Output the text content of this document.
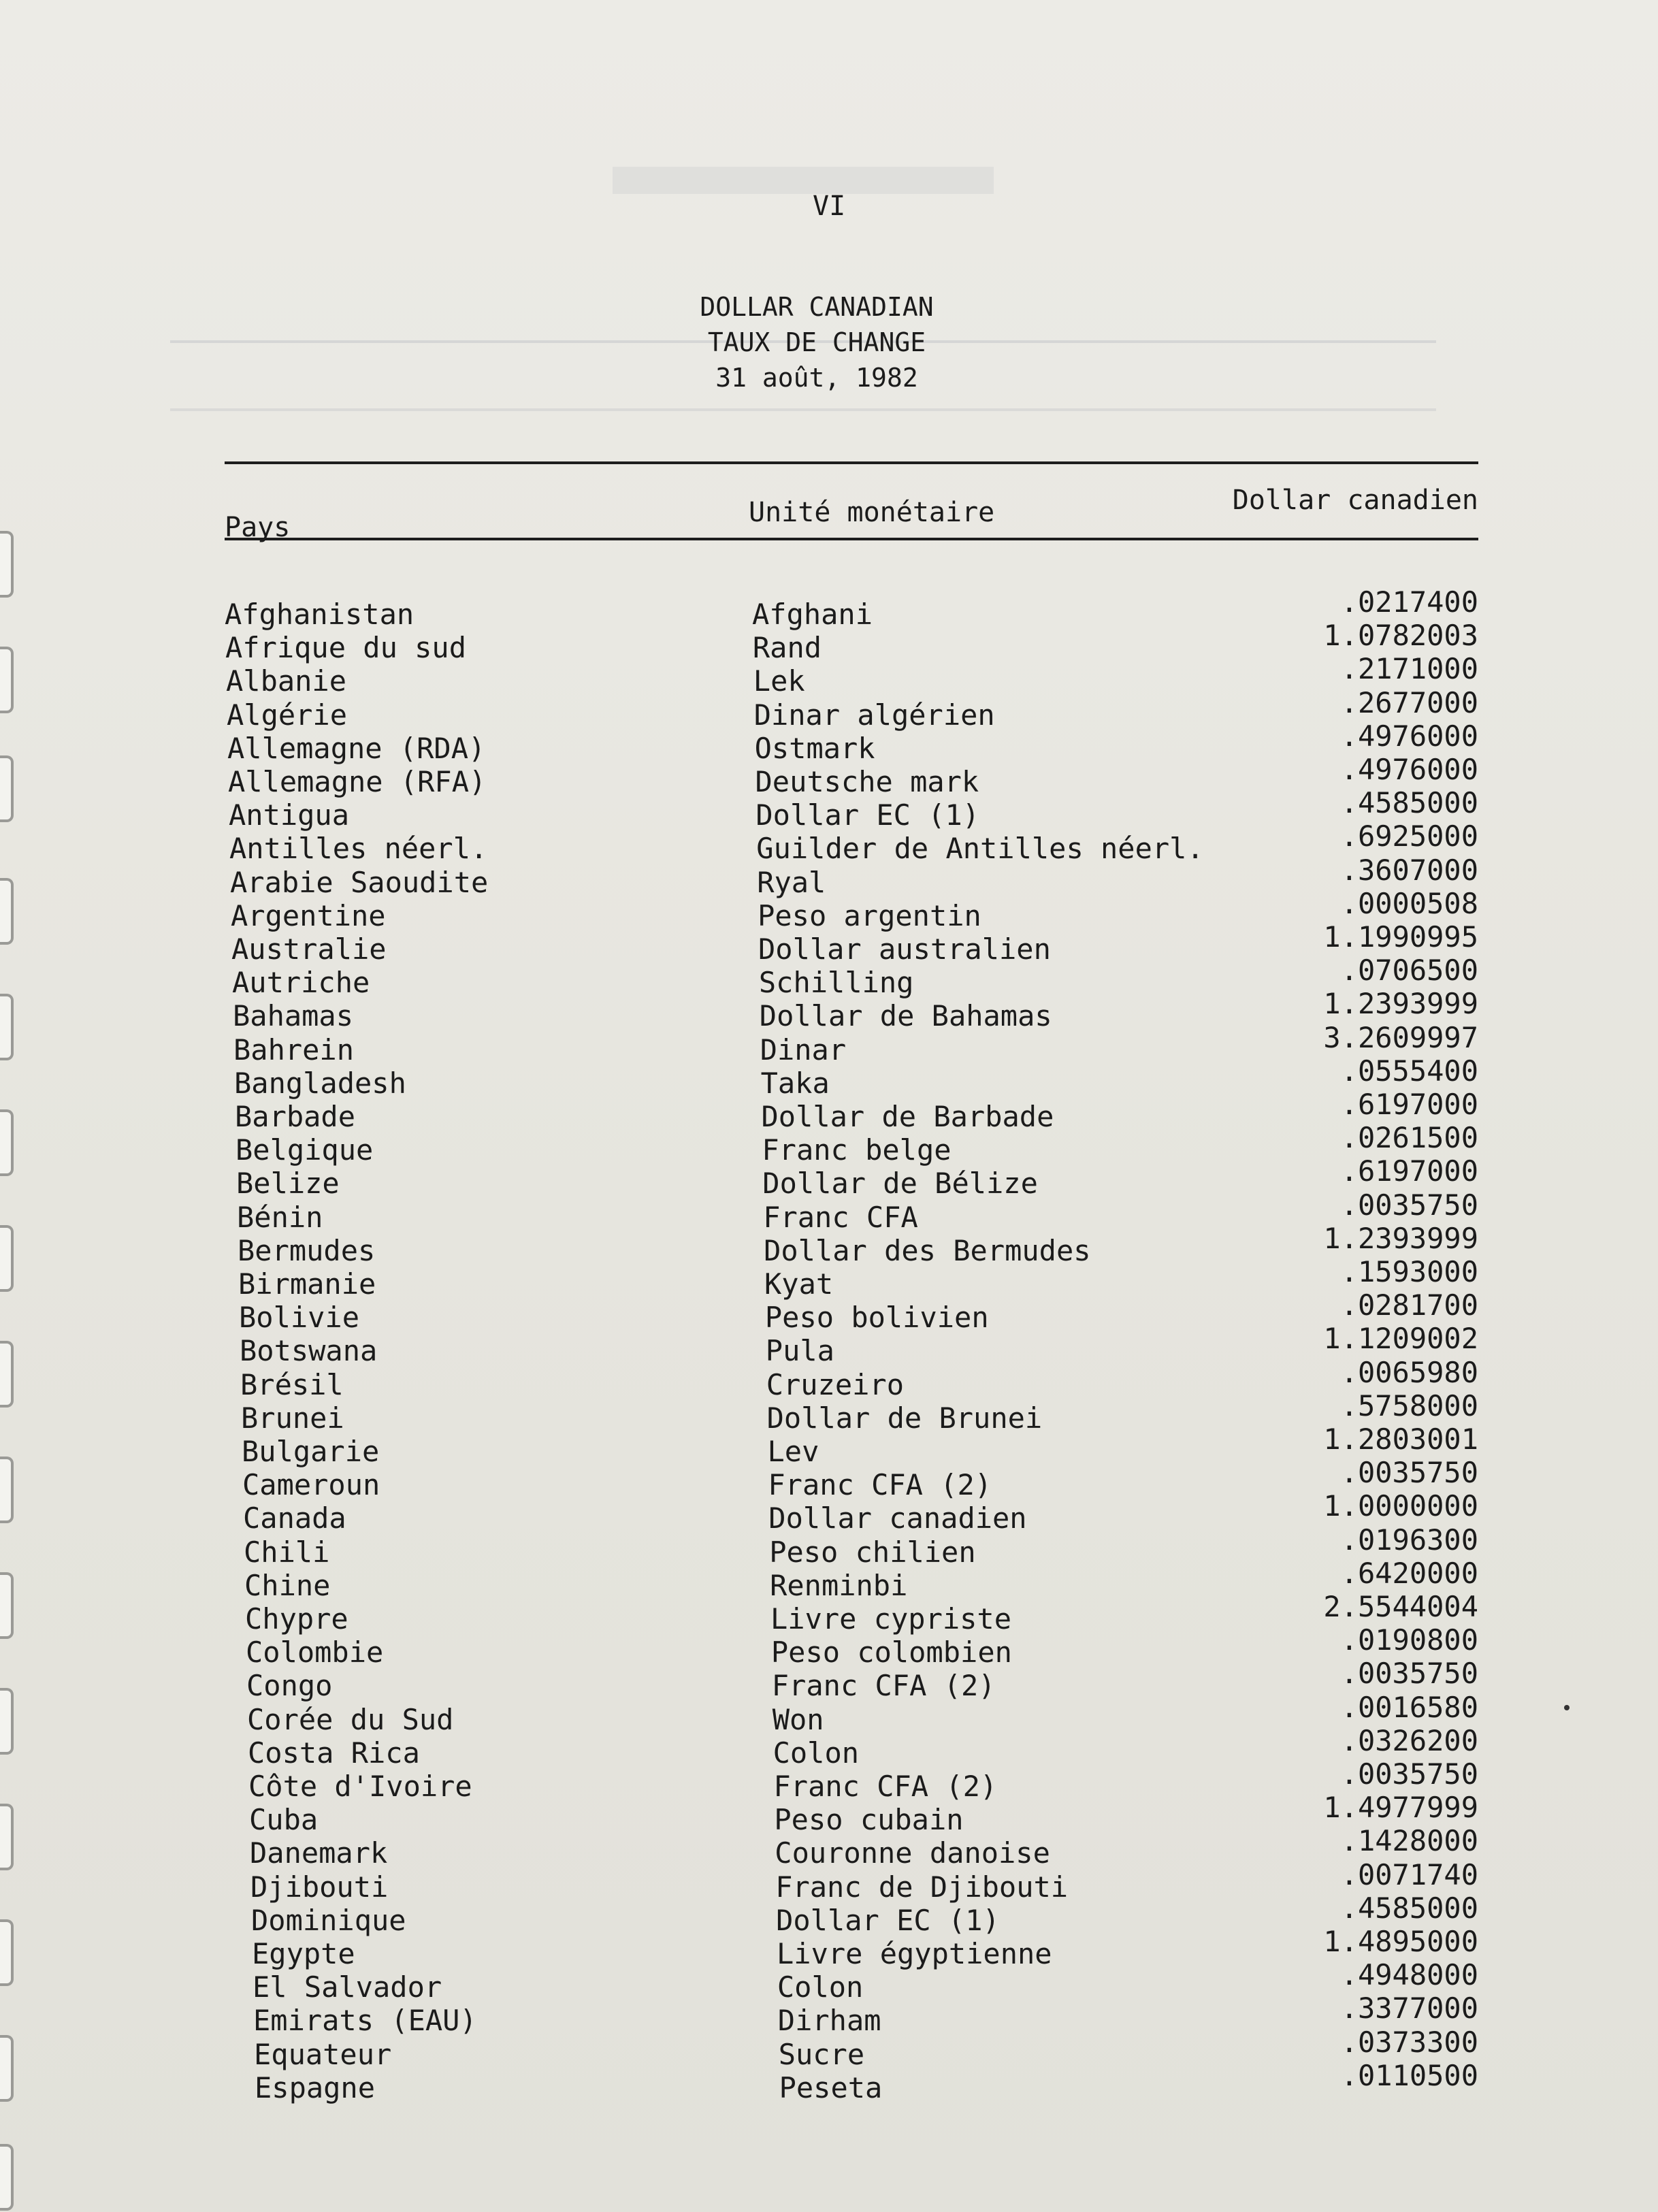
VI

DOLLAR CANADIAN
TAUX DE CHANGE
31 août, 1982
Pays	Unité monétaire	Dollar canadien
Afghanistan	Afghani	.0217400
Afrique du sud	Rand	1.0782003
Albanie	Lek	.2171000
Algérie	Dinar algérien	.2677000
Allemagne (RDA)	Ostmark	.4976000
Allemagne (RFA)	Deutsche mark	.4976000
Antigua	Dollar EC (1)	.4585000
Antilles néerl.	Guilder de Antilles néerl.	.6925000
Arabie Saoudite	Ryal	.3607000
Argentine	Peso argentin	.0000508
Australie	Dollar australien	1.1990995
Autriche	Schilling	.0706500
Bahamas	Dollar de Bahamas	1.2393999
Bahrein	Dinar	3.2609997
Bangladesh	Taka	.0555400
Barbade	Dollar de Barbade	.6197000
Belgique	Franc belge	.0261500
Belize	Dollar de Bélize	.6197000
Bénin	Franc CFA	.0035750
Bermudes	Dollar des Bermudes	1.2393999
Birmanie	Kyat	.1593000
Bolivie	Peso bolivien	.0281700
Botswana	Pula	1.1209002
Brésil	Cruzeiro	.0065980
Brunei	Dollar de Brunei	.5758000
Bulgarie	Lev	1.2803001
Cameroun	Franc CFA (2)	.0035750
Canada	Dollar canadien	1.0000000
Chili	Peso chilien	.0196300
Chine	Renminbi	.6420000
Chypre	Livre cypriste	2.5544004
Colombie	Peso colombien	.0190800
Congo	Franc CFA (2)	.0035750
Corée du Sud	Won	.0016580
Costa Rica	Colon	.0326200
Côte d'Ivoire	Franc CFA (2)	.0035750
Cuba	Peso cubain	1.4977999
Danemark	Couronne danoise	.1428000
Djibouti	Franc de Djibouti	.0071740
Dominique	Dollar EC (1)	.4585000
Egypte	Livre égyptienne	1.4895000
El Salvador	Colon	.4948000
Emirats (EAU)	Dirham	.3377000
Equateur	Sucre	.0373300
Espagne	Peseta	.0110500
